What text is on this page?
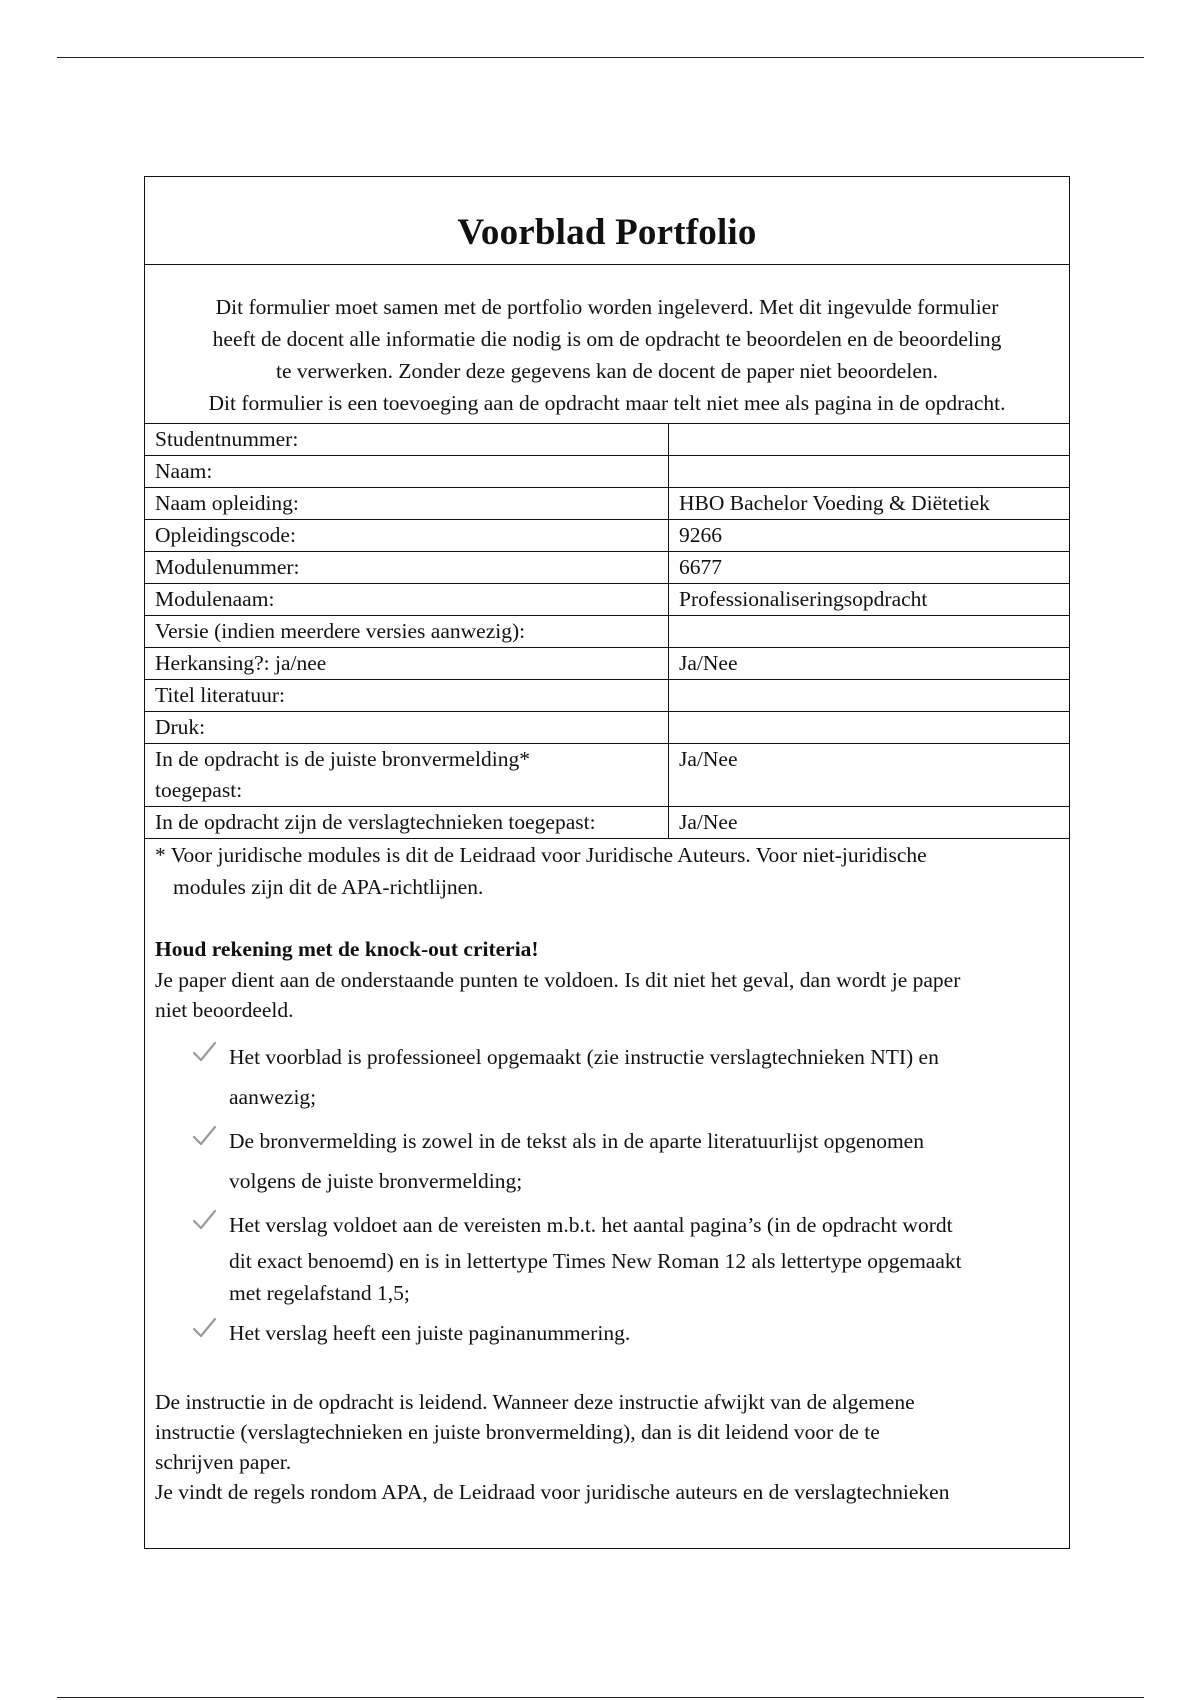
Voorblad Portfolio
Dit formulier moet samen met de portfolio worden ingeleverd. Met dit ingevulde formulier
heeft de docent alle informatie die nodig is om de opdracht te beoordelen en de beoordeling
te verwerken. Zonder deze gegevens kan de docent de paper niet beoordelen.
Dit formulier is een toevoeging aan de opdracht maar telt niet mee als pagina in de opdracht.
Studentnummer:	
Naam:	
Naam opleiding:	HBO Bachelor Voeding & Diëtetiek
Opleidingscode:	9266
Modulenummer:	6677
Modulenaam:	Professionaliseringsopdracht
Versie (indien meerdere versies aanwezig):	
Herkansing?: ja/nee	Ja/Nee
Titel literatuur:	
Druk:	

In de opdracht is de juiste bronvermelding*
toegepast:	Ja/Nee
In de opdracht zijn de verslagtechnieken toegepast:	Ja/Nee
* Voor juridische modules is dit de Leidraad voor Juridische Auteurs. Voor niet-juridische
modules zijn dit de APA-richtlijnen.
Houd rekening met de knock-out criteria!
Je paper dient aan de onderstaande punten te voldoen. Is dit niet het geval, dan wordt je paper
niet beoordeeld.
Het voorblad is professioneel opgemaakt (zie instructie verslagtechnieken NTI) en
aanwezig;
De bronvermelding is zowel in de tekst als in de aparte literatuurlijst opgenomen
volgens de juiste bronvermelding;
Het verslag voldoet aan de vereisten m.b.t. het aantal pagina’s (in de opdracht wordt
dit exact benoemd) en is in lettertype Times New Roman 12 als lettertype opgemaakt
met regelafstand 1,5;
Het verslag heeft een juiste paginanummering.
De instructie in de opdracht is leidend. Wanneer deze instructie afwijkt van de algemene
instructie (verslagtechnieken en juiste bronvermelding), dan is dit leidend voor de te
schrijven paper.
Je vindt de regels rondom APA, de Leidraad voor juridische auteurs en de verslagtechnieken
